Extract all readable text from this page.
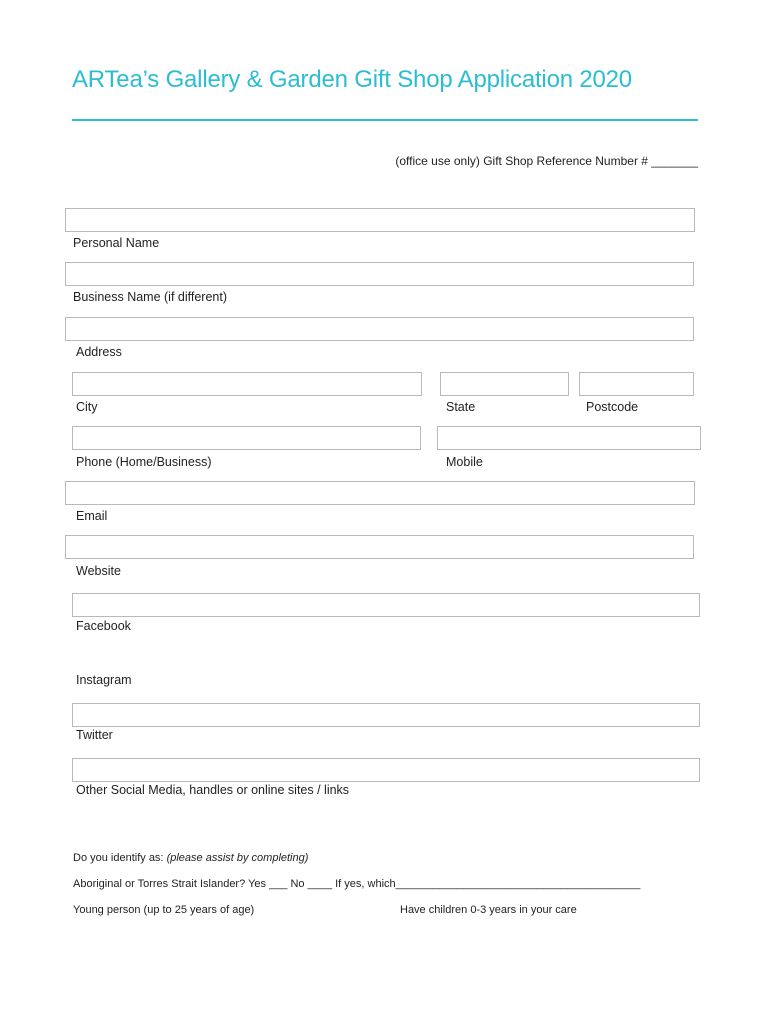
ARTea’s Gallery & Garden Gift Shop Application 2020
(office use only) Gift Shop Reference Number # _______
Personal Name
Business Name (if different)
Address
City	State	Postcode
Phone (Home/Business)	Mobile
Email
Website
Facebook
Instagram
Twitter
Other Social Media, handles or online sites / links
Do you identify as: (please assist by completing)
Aboriginal or Torres Strait Islander? Yes ___ No ____ If yes, which________________________________________
Young person (up to 25 years of age)	Have children 0-3 years in your care
